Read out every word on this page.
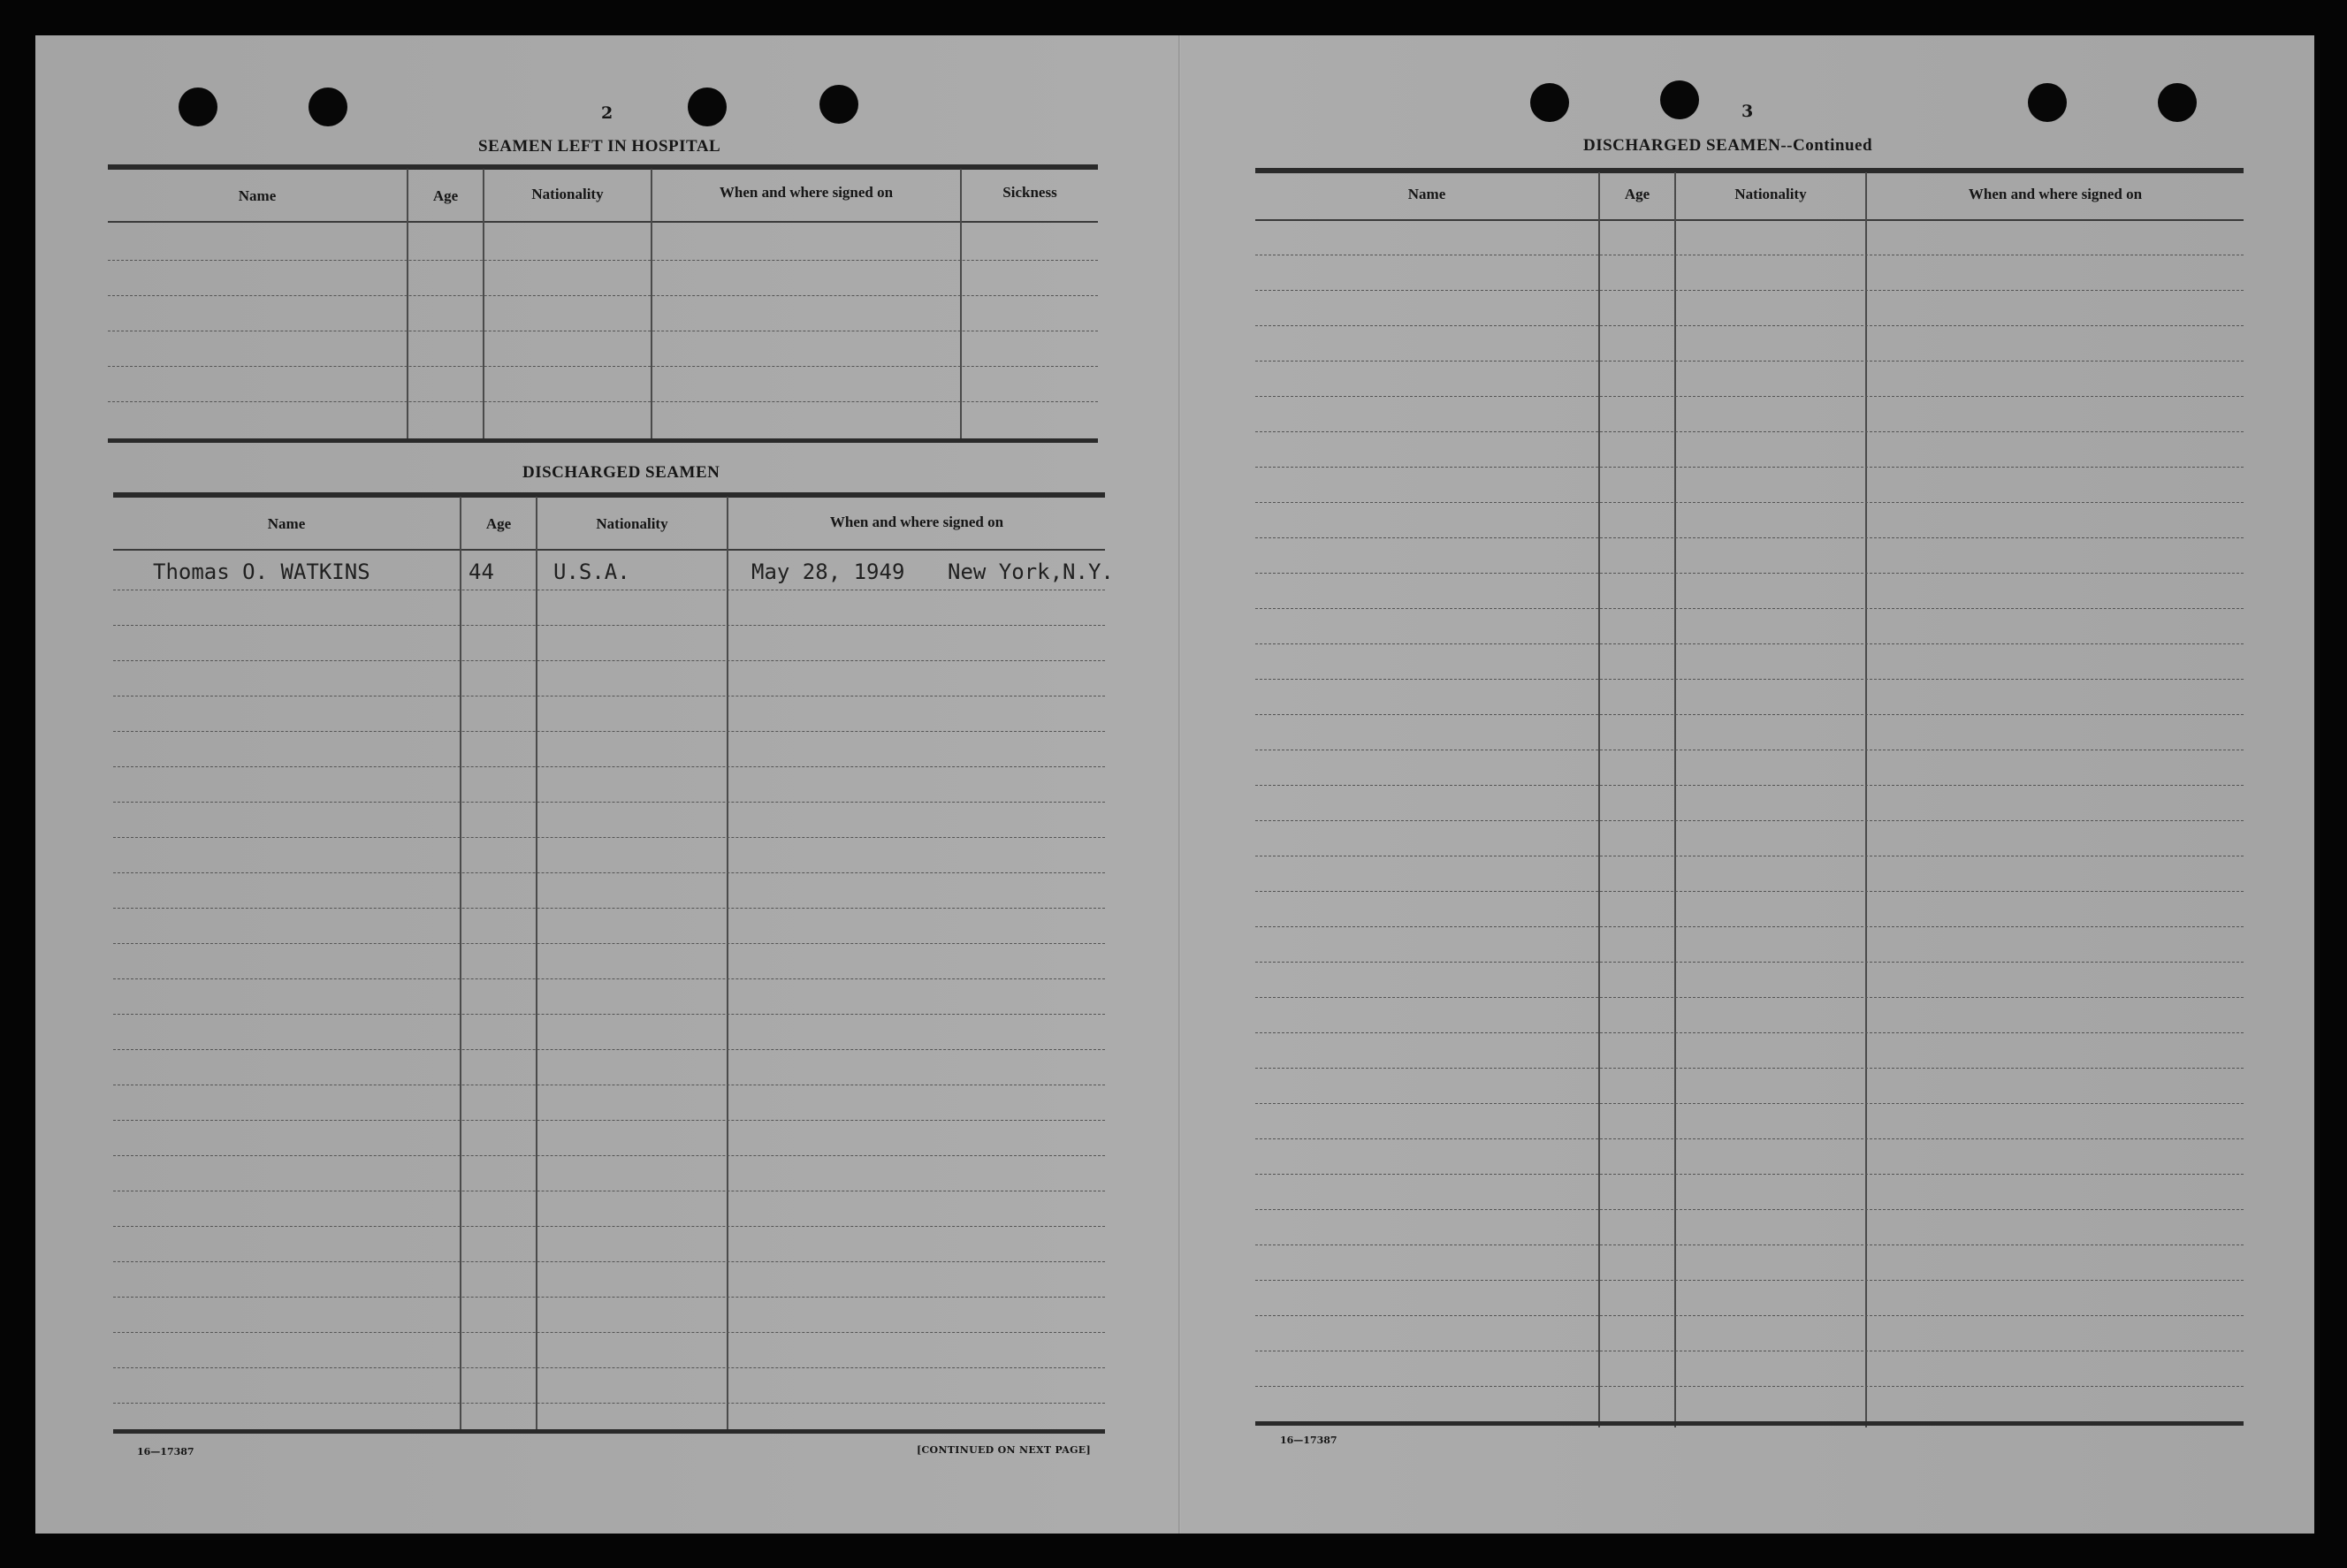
2
SEAMEN LEFT IN HOSPITAL
Name	Age	Nationality	When and where signed on	Sickness
DISCHARGED SEAMEN
Name	Age	Nationality	When and where signed on
Thomas O. WATKINS	44	U.S.A.	May 28, 1949 New York,N.Y.
16—17387	[CONTINUED ON NEXT PAGE]
3
DISCHARGED SEAMEN--Continued
Name	Age	Nationality	When and where signed on
16—17387
